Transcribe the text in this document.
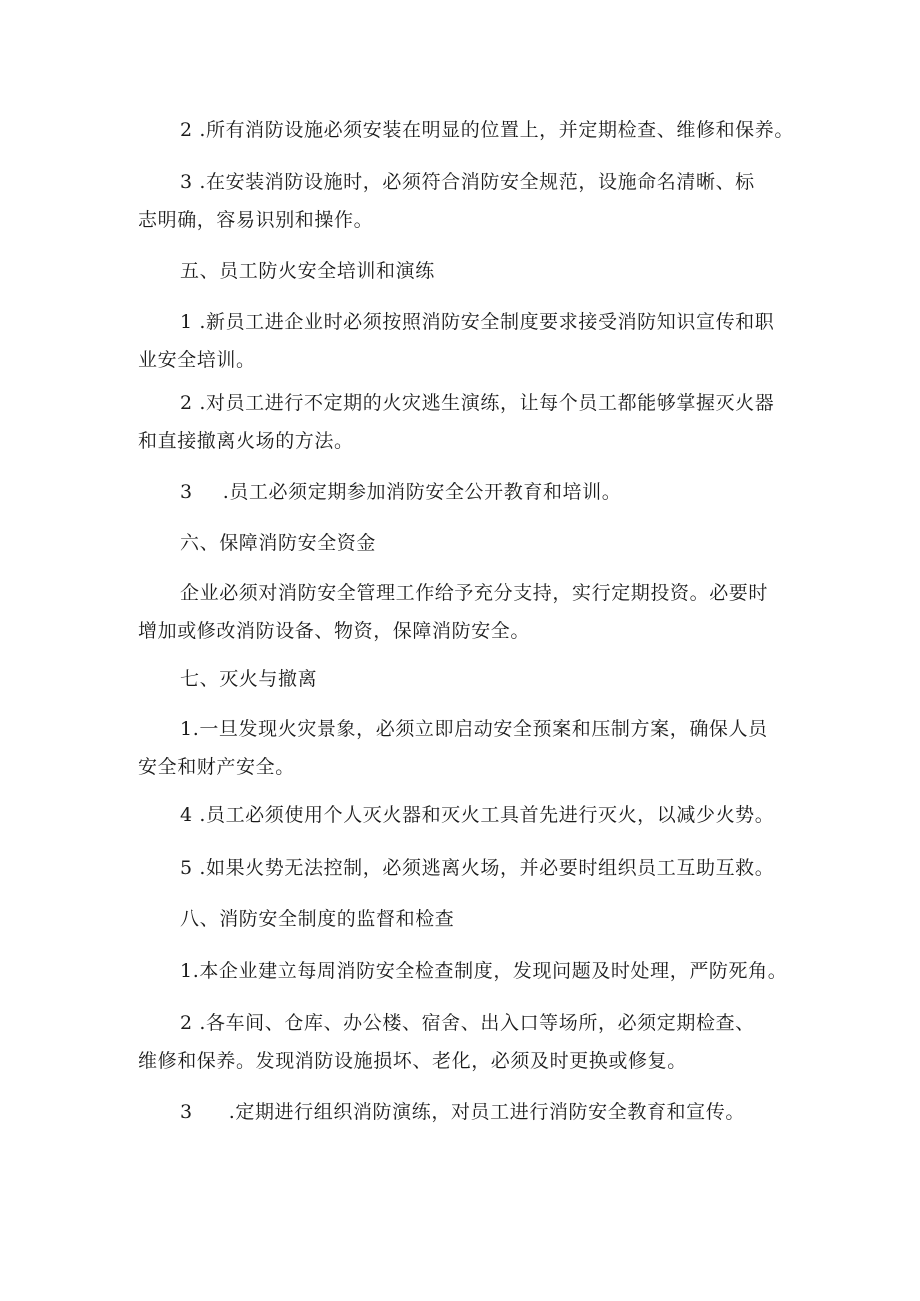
2 .所有消防设施必须安装在明显的位置上，并定期检查、维修和保养。
3 .在安装消防设施时，必须符合消防安全规范，设施命名清晰、标
志明确，容易识别和操作。
五、员工防火安全培训和演练
1 .新员工进企业时必须按照消防安全制度要求接受消防知识宣传和职
业安全培训。
2 .对员工进行不定期的火灾逃生演练，让每个员工都能够掌握灭火器
和直接撤离火场的方法。
3 .员工必须定期参加消防安全公开教育和培训。
六、保障消防安全资金
企业必须对消防安全管理工作给予充分支持，实行定期投资。必要时
增加或修改消防设备、物资，保障消防安全。
七、灭火与撤离
1.一旦发现火灾景象，必须立即启动安全预案和压制方案，确保人员
安全和财产安全。
4 .员工必须使用个人灭火器和灭火工具首先进行灭火，以减少火势。
5 .如果火势无法控制，必须逃离火场，并必要时组织员工互助互救。
八、消防安全制度的监督和检查
1.本企业建立每周消防安全检查制度，发现问题及时处理，严防死角。
2 .各车间、仓库、办公楼、宿舍、出入口等场所，必须定期检查、
维修和保养。发现消防设施损坏、老化，必须及时更换或修复。
3 .定期进行组织消防演练，对员工进行消防安全教育和宣传。
